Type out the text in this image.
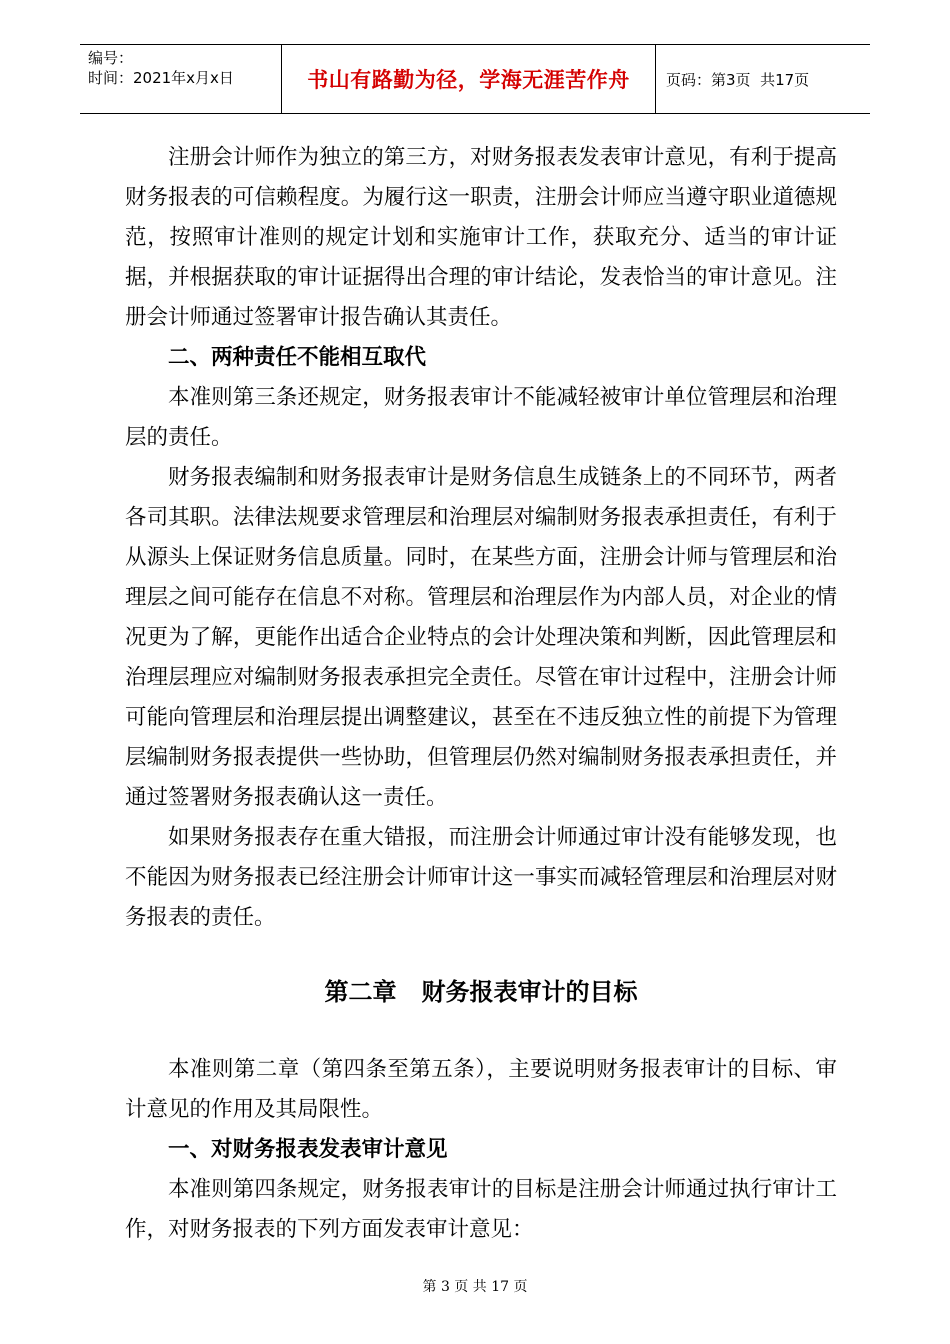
编号：
时间：2021年x月x日	书山有路勤为径，学海无涯苦作舟	页码：第3页  共17页

注册会计师作为独立的第三方，对财务报表发表审计意见，有利于提高财务报表的可信赖程度。为履行这一职责，注册会计师应当遵守职业道德规范，按照审计准则的规定计划和实施审计工作，获取充分、适当的审计证据，并根据获取的审计证据得出合理的审计结论，发表恰当的审计意见。注册会计师通过签署审计报告确认其责任。

二、两种责任不能相互取代

本准则第三条还规定，财务报表审计不能减轻被审计单位管理层和治理层的责任。

财务报表编制和财务报表审计是财务信息生成链条上的不同环节，两者各司其职。法律法规要求管理层和治理层对编制财务报表承担责任，有利于从源头上保证财务信息质量。同时，在某些方面，注册会计师与管理层和治理层之间可能存在信息不对称。管理层和治理层作为内部人员，对企业的情况更为了解，更能作出适合企业特点的会计处理决策和判断，因此管理层和治理层理应对编制财务报表承担完全责任。尽管在审计过程中，注册会计师可能向管理层和治理层提出调整建议，甚至在不违反独立性的前提下为管理层编制财务报表提供一些协助，但管理层仍然对编制财务报表承担责任，并通过签署财务报表确认这一责任。

如果财务报表存在重大错报，而注册会计师通过审计没有能够发现，也不能因为财务报表已经注册会计师审计这一事实而减轻管理层和治理层对财务报表的责任。

第二章   财务报表审计的目标

本准则第二章（第四条至第五条），主要说明财务报表审计的目标、审计意见的作用及其局限性。

一、对财务报表发表审计意见

本准则第四条规定，财务报表审计的目标是注册会计师通过执行审计工作，对财务报表的下列方面发表审计意见：

第 3 页 共 17 页
